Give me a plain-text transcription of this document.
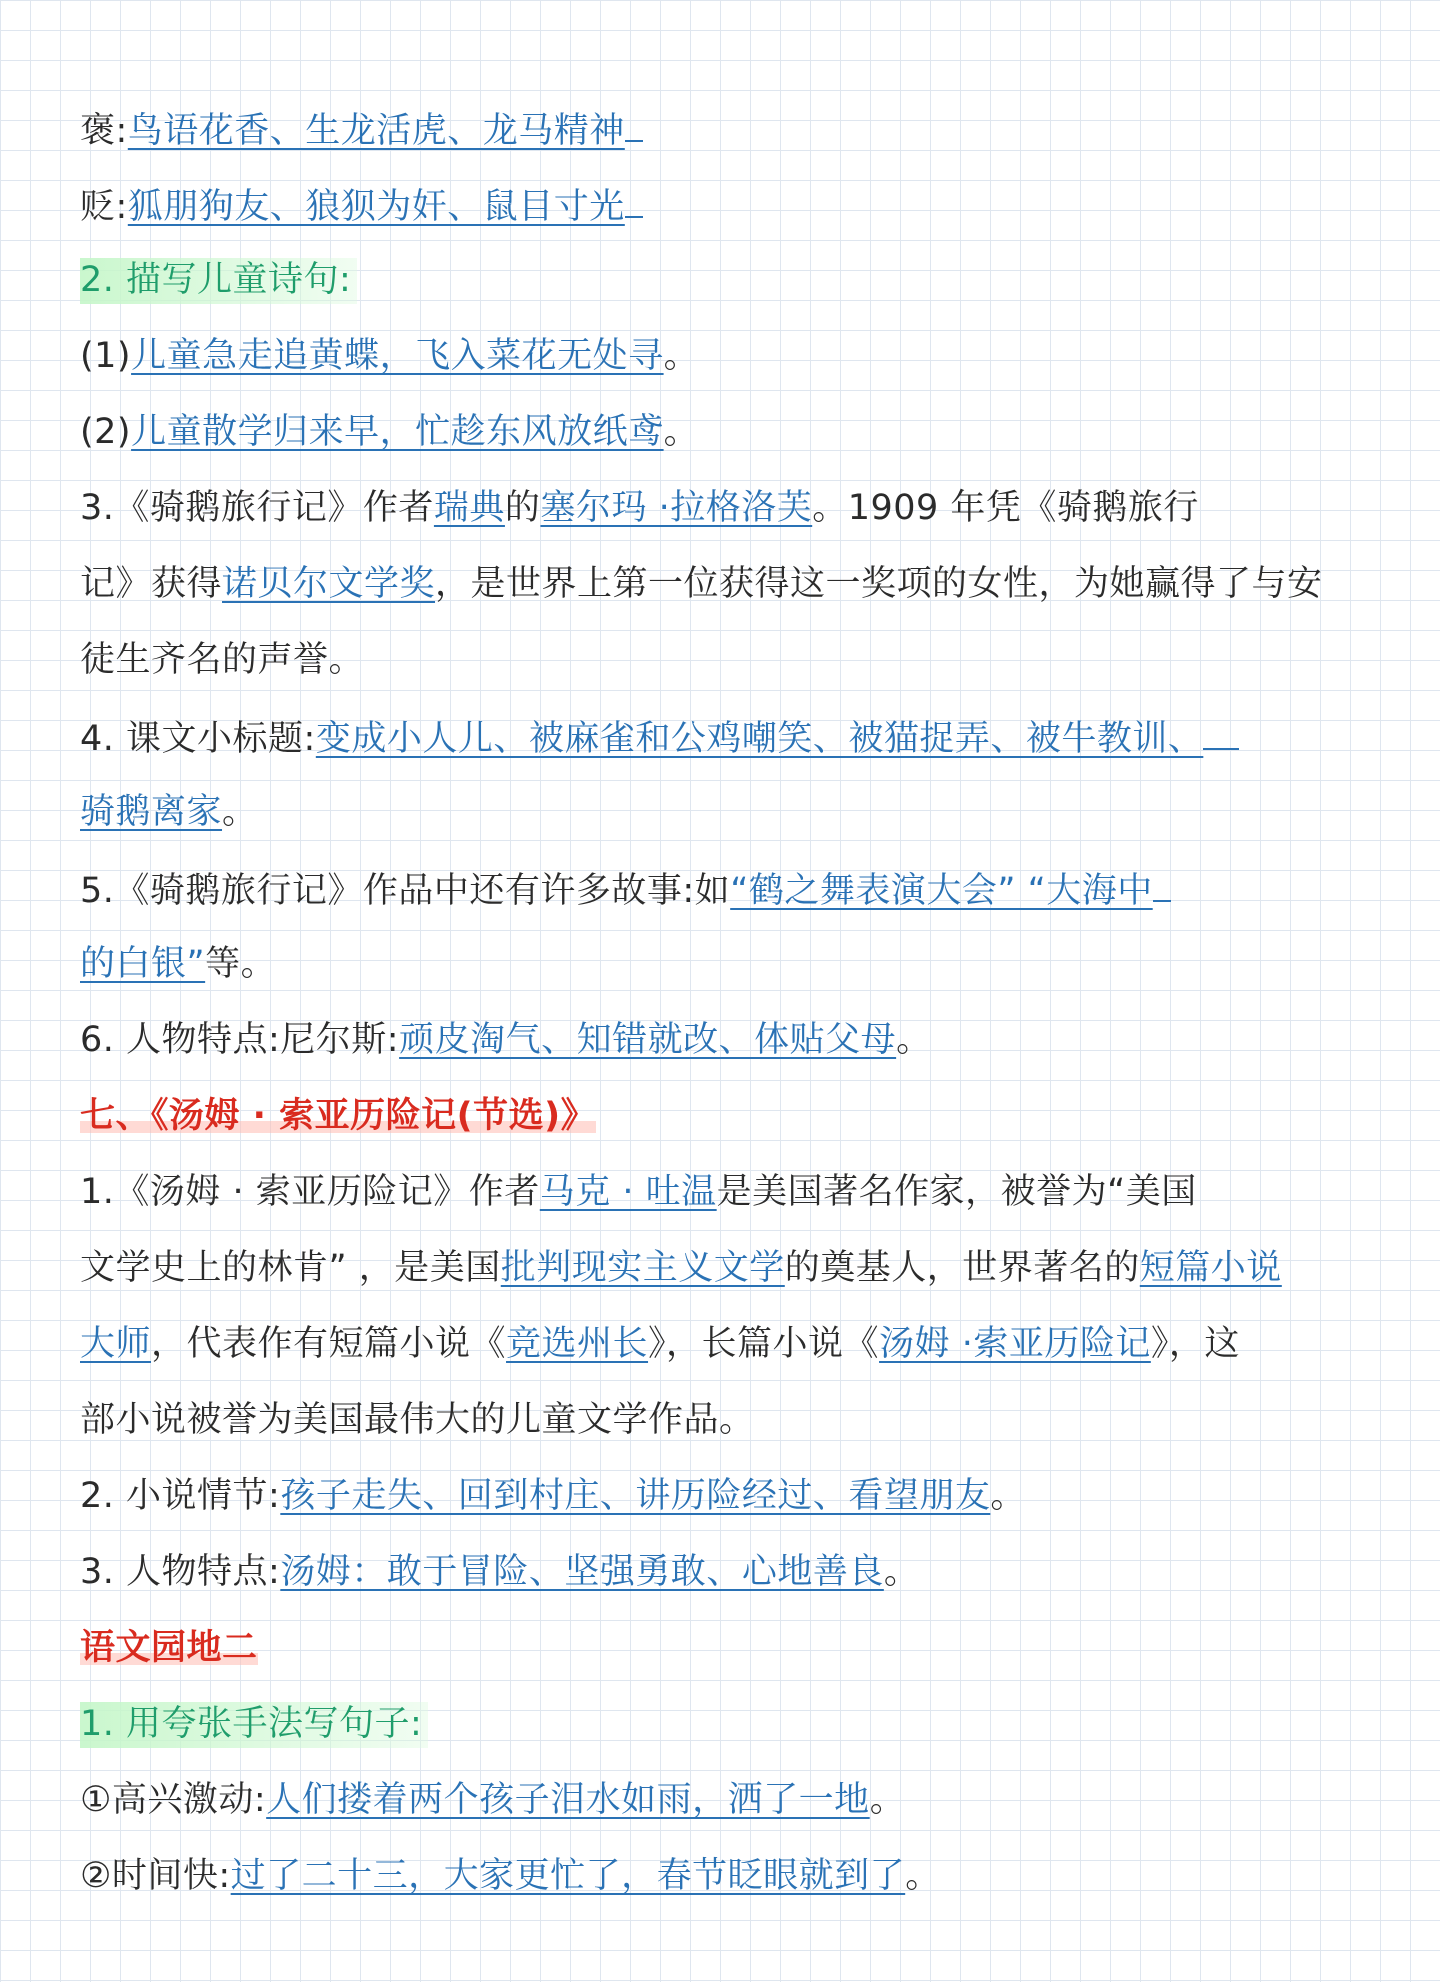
褒:鸟语花香、生龙活虎、龙马精神
贬:狐朋狗友、狼狈为奸、鼠目寸光
2. 描写儿童诗句:
(1)儿童急走追黄蝶，飞入菜花无处寻。
(2)儿童散学归来早，忙趁东风放纸鸢。
3.《骑鹅旅行记》作者瑞典的塞尔玛 ·拉格洛芙。1909 年凭《骑鹅旅行
记》获得诺贝尔文学奖，是世界上第一位获得这一奖项的女性，为她赢得了与安
徒生齐名的声誉。
4. 课文小标题:变成小人儿、被麻雀和公鸡嘲笑、被猫捉弄、被牛教训、
骑鹅离家。
5.《骑鹅旅行记》作品中还有许多故事:如“鹤之舞表演大会” “大海中
的白银”等。
6. 人物特点:尼尔斯:顽皮淘气、知错就改、体贴父母。
七、《汤姆 · 索亚历险记(节选)》
1.《汤姆 · 索亚历险记》作者马克 · 吐温是美国著名作家，被誉为“美国
文学史上的林肯” ，是美国批判现实主义文学的奠基人，世界著名的短篇小说
大师，代表作有短篇小说《竞选州长》，长篇小说《汤姆 ·索亚历险记》，这
部小说被誉为美国最伟大的儿童文学作品。
2. 小说情节:孩子走失、回到村庄、讲历险经过、看望朋友。
3. 人物特点:汤姆：敢于冒险、坚强勇敢、心地善良。
语文园地二
1. 用夸张手法写句子:
①高兴激动:人们搂着两个孩子泪水如雨，洒了一地。
②时间快:过了二十三，大家更忙了，春节眨眼就到了。
